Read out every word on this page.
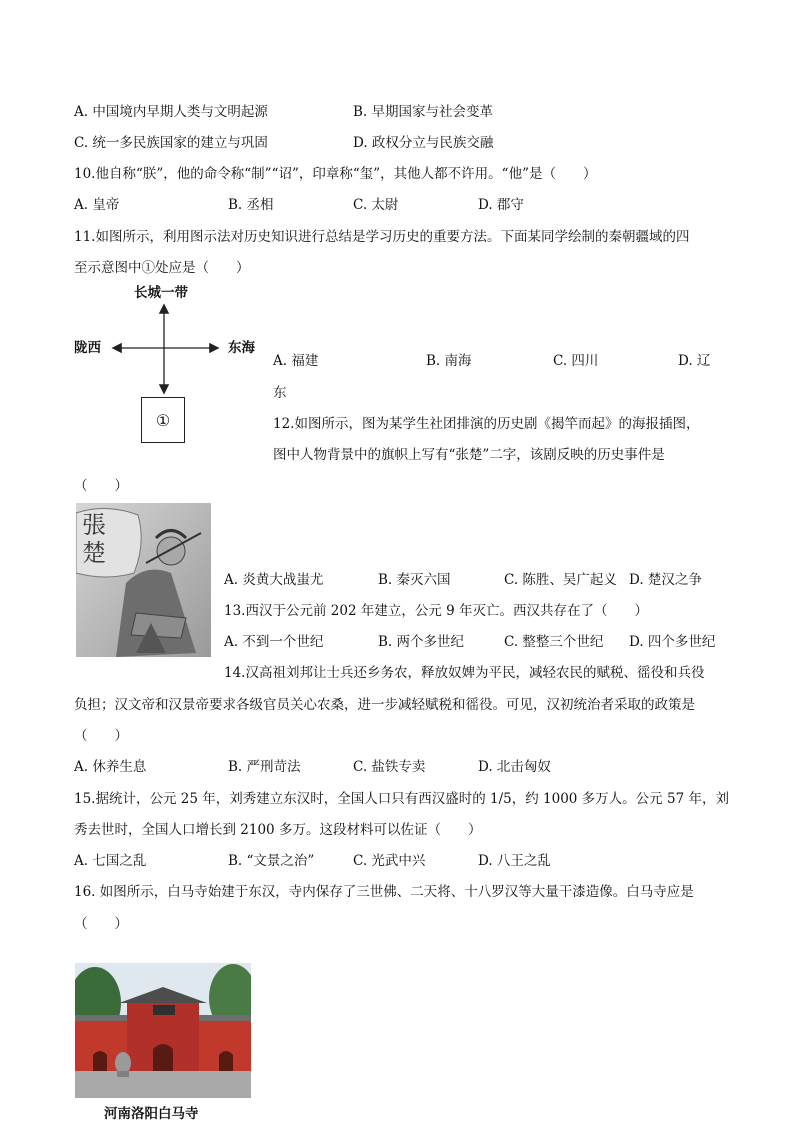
A. 中国境内早期人类与文明起源	B. 早期国家与社会变革
C. 统一多民族国家的建立与巩固	D. 政权分立与民族交融
10.他自称“朕”，他的命令称“制”“诏”，印章称“玺”，其他人都不许用。“他”是（　　）
A. 皇帝	B. 丞相	C. 太尉	D. 郡守
11.如图所示，利用图示法对历史知识进行总结是学习历史的重要方法。下面某同学绘制的秦朝疆域的四
至示意图中①处应是（　　）
长城一带
陇西	东海
①
A. 福建	B. 南海	C. 四川	D. 辽
东
12.如图所示，图为某学生社团排演的历史剧《揭竿而起》的海报插图，
图中人物背景中的旗帜上写有“张楚”二字，该剧反映的历史事件是
（　　）
張楚
A. 炎黄大战蚩尤	B. 秦灭六国	C. 陈胜、吴广起义 D. 楚汉之争
13.西汉于公元前 202 年建立，公元 9 年灭亡。西汉共存在了（　　）
A. 不到一个世纪	B. 两个多世纪	C. 整整三个世纪 D. 四个多世纪
14.汉高祖刘邦让士兵还乡务农，释放奴婢为平民，减轻农民的赋税、徭役和兵役
负担；汉文帝和汉景帝要求各级官员关心农桑，进一步减轻赋税和徭役。可见，汉初统治者采取的政策是
（　　）
A. 休养生息	B. 严刑苛法	C. 盐铁专卖	D. 北击匈奴
15.据统计，公元 25 年，刘秀建立东汉时，全国人口只有西汉盛时的 1/5，约 1000 多万人。公元 57 年，刘
秀去世时，全国人口增长到 2100 多万。这段材料可以佐证（　　）
A. 七国之乱	B. “文景之治”	C. 光武中兴	D. 八王之乱
16. 如图所示，白马寺始建于东汉，寺内保存了三世佛、二天将、十八罗汉等大量干漆造像。白马寺应是
（　　）
河南洛阳白马寺
